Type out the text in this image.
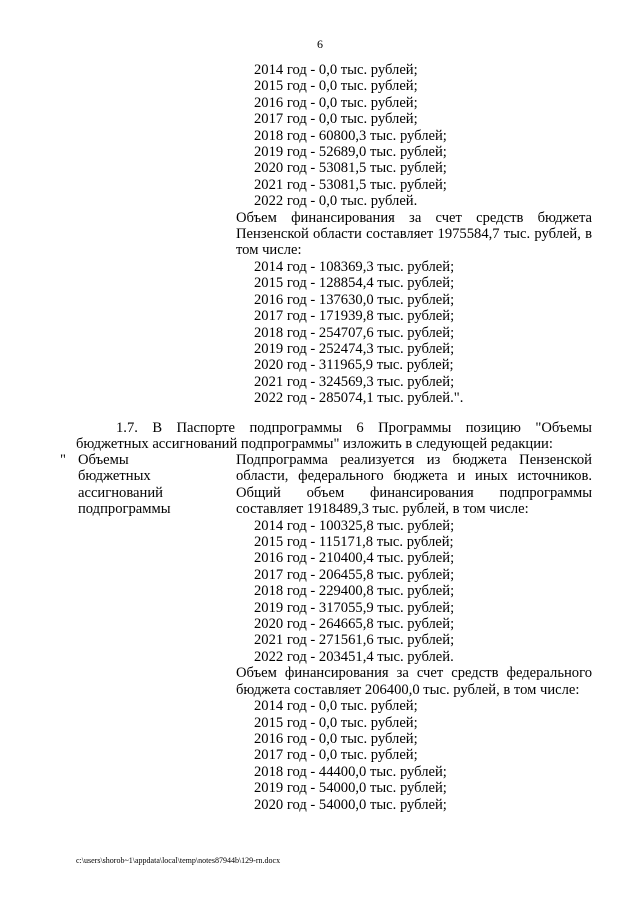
6
2014 год - 0,0 тыс. рублей;
2015 год - 0,0 тыс. рублей;
2016 год - 0,0 тыс. рублей;
2017 год - 0,0 тыс. рублей;
2018 год - 60800,3 тыс. рублей;
2019 год - 52689,0 тыс. рублей;
2020 год - 53081,5 тыс. рублей;
2021 год - 53081,5 тыс. рублей;
2022 год - 0,0 тыс. рублей.
Объем финансирования за счет средств бюджета Пензенской области составляет 1975584,7 тыс. рублей, в том числе:
2014 год - 108369,3 тыс. рублей;
2015 год - 128854,4 тыс. рублей;
2016 год - 137630,0 тыс. рублей;
2017 год - 171939,8 тыс. рублей;
2018 год - 254707,6 тыс. рублей;
2019 год - 252474,3 тыс. рублей;
2020 год - 311965,9 тыс. рублей;
2021 год - 324569,3 тыс. рублей;
2022 год - 285074,1 тыс. рублей.".
1.7. В Паспорте подпрограммы 6 Программы позицию "Объемы бюджетных ассигнований подпрограммы" изложить в следующей редакции:
" Объемы
бюджетных
ассигнований
подпрограммы
Подпрограмма реализуется из бюджета Пензенской области, федерального бюджета и иных источников. Общий объем финансирования подпрограммы составляет 1918489,3 тыс. рублей, в том числе:
2014 год - 100325,8 тыс. рублей;
2015 год - 115171,8 тыс. рублей;
2016 год - 210400,4 тыс. рублей;
2017 год - 206455,8 тыс. рублей;
2018 год - 229400,8 тыс. рублей;
2019 год - 317055,9 тыс. рублей;
2020 год - 264665,8 тыс. рублей;
2021 год - 271561,6 тыс. рублей;
2022 год - 203451,4 тыс. рублей.
Объем финансирования за счет средств федерального бюджета составляет 206400,0 тыс. рублей, в том числе:
2014 год - 0,0 тыс. рублей;
2015 год - 0,0 тыс. рублей;
2016 год - 0,0 тыс. рублей;
2017 год - 0,0 тыс. рублей;
2018 год - 44400,0 тыс. рублей;
2019 год - 54000,0 тыс. рублей;
2020 год - 54000,0 тыс. рублей;
c:\users\shorob~1\appdata\local\temp\notes87944b\129-rn.docx
